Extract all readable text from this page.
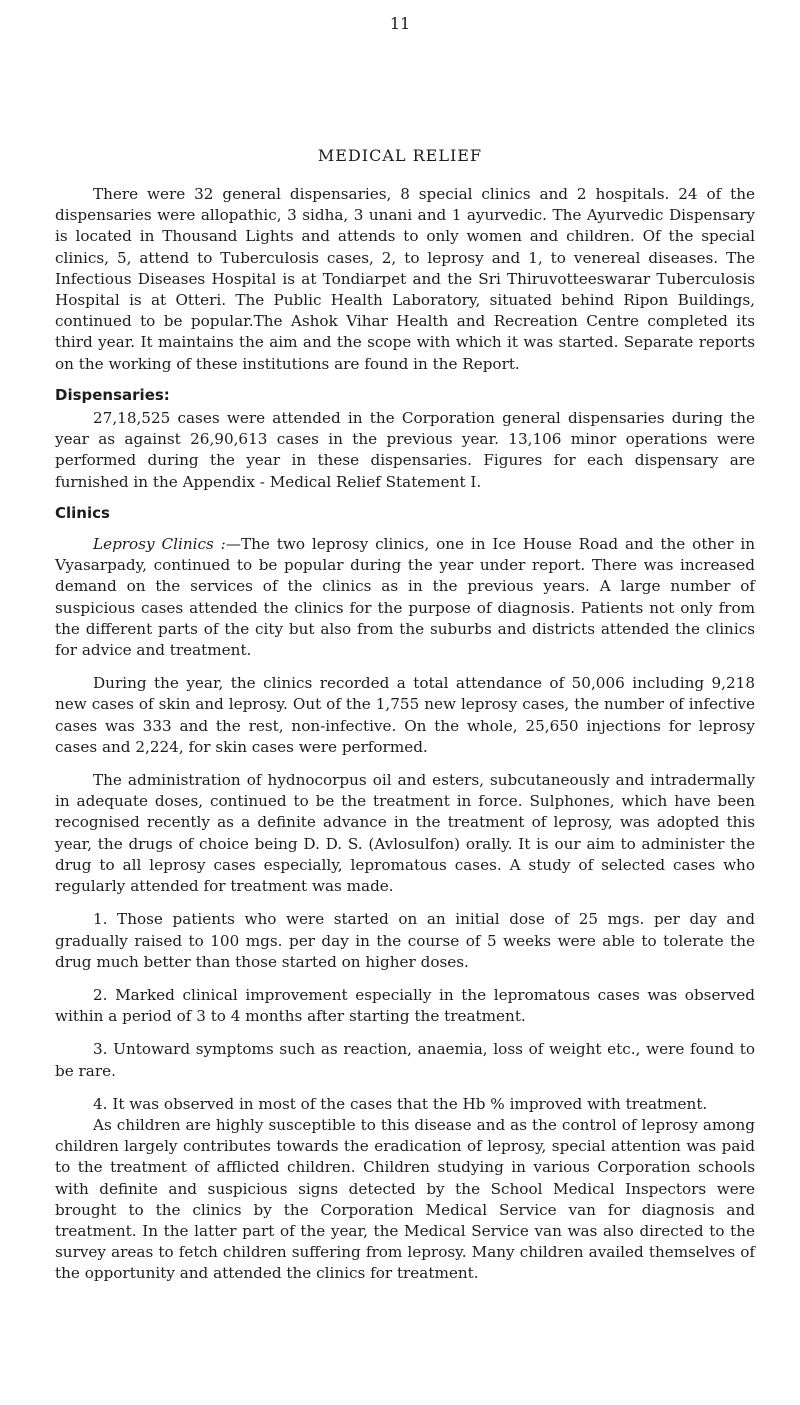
11
MEDICAL RELIEF

There were 32 general dispensaries, 8 special clinics and 2 hospitals. 24 of the dispensaries were allopathic, 3 sidha, 3 unani and 1 ayurvedic. The Ayurvedic Dispensary is located in Thousand Lights and attends to only women and children. Of the special clinics, 5, attend to Tuberculosis cases, 2, to leprosy and 1, to venereal diseases. The Infectious Diseases Hospital is at Tondiarpet and the Sri Thiruvotteeswarar Tuberculosis Hospital is at Otteri. The Public Health Laboratory, situated behind Ripon Buildings, continued to be popular.The Ashok Vihar Health and Recreation Centre completed its third year. It maintains the aim and the scope with which it was started. Separate reports on the working of these institutions are found in the Report.

Dispensaries:

27,18,525 cases were attended in the Corporation general dispensaries during the year as against 26,90,613 cases in the previous year. 13,106 minor operations were performed during the year in these dispensaries. Figures for each dispensary are furnished in the Appendix - Medical Relief Statement I.

Clinics

Leprosy Clinics :—The two leprosy clinics, one in Ice House Road and the other in Vyasarpady, continued to be popular during the year under report. There was increased demand on the services of the clinics as in the previous years. A large number of suspicious cases attended the clinics for the purpose of diagnosis. Patients not only from the different parts of the city but also from the suburbs and districts attended the clinics for advice and treatment.

During the year, the clinics recorded a total attendance of 50,006 including 9,218 new cases of skin and leprosy. Out of the 1,755 new leprosy cases, the number of infective cases was 333 and the rest, non-infective. On the whole, 25,650 injections for leprosy cases and 2,224, for skin cases were performed.

The administration of hydnocorpus oil and esters, subcutaneously and intradermally in adequate doses, continued to be the treatment in force. Sulphones, which have been recognised recently as a definite advance in the treatment of leprosy, was adopted this year, the drugs of choice being D. D. S. (Avlosulfon) orally. It is our aim to administer the drug to all leprosy cases especially, lepromatous cases. A study of selected cases who regularly attended for treatment was made.

1. Those patients who were started on an initial dose of 25 mgs. per day and gradually raised to 100 mgs. per day in the course of 5 weeks were able to tolerate the drug much better than those started on higher doses.

2. Marked clinical improvement especially in the lepromatous cases was observed within a period of 3 to 4 months after starting the treatment.

3. Untoward symptoms such as reaction, anaemia, loss of weight etc., were found to be rare.

4. It was observed in most of the cases that the Hb % improved with treatment.

As children are highly susceptible to this disease and as the control of leprosy among children largely contributes towards the eradication of leprosy, special attention was paid to the treatment of afflicted children. Children studying in various Corporation schools with definite and suspicious signs detected by the School Medical Inspectors were brought to the clinics by the Corporation Medical Service van for diagnosis and treatment. In the latter part of the year, the Medical Service van was also directed to the survey areas to fetch children suffering from leprosy. Many children availed themselves of the opportunity and attended the clinics for treatment.
